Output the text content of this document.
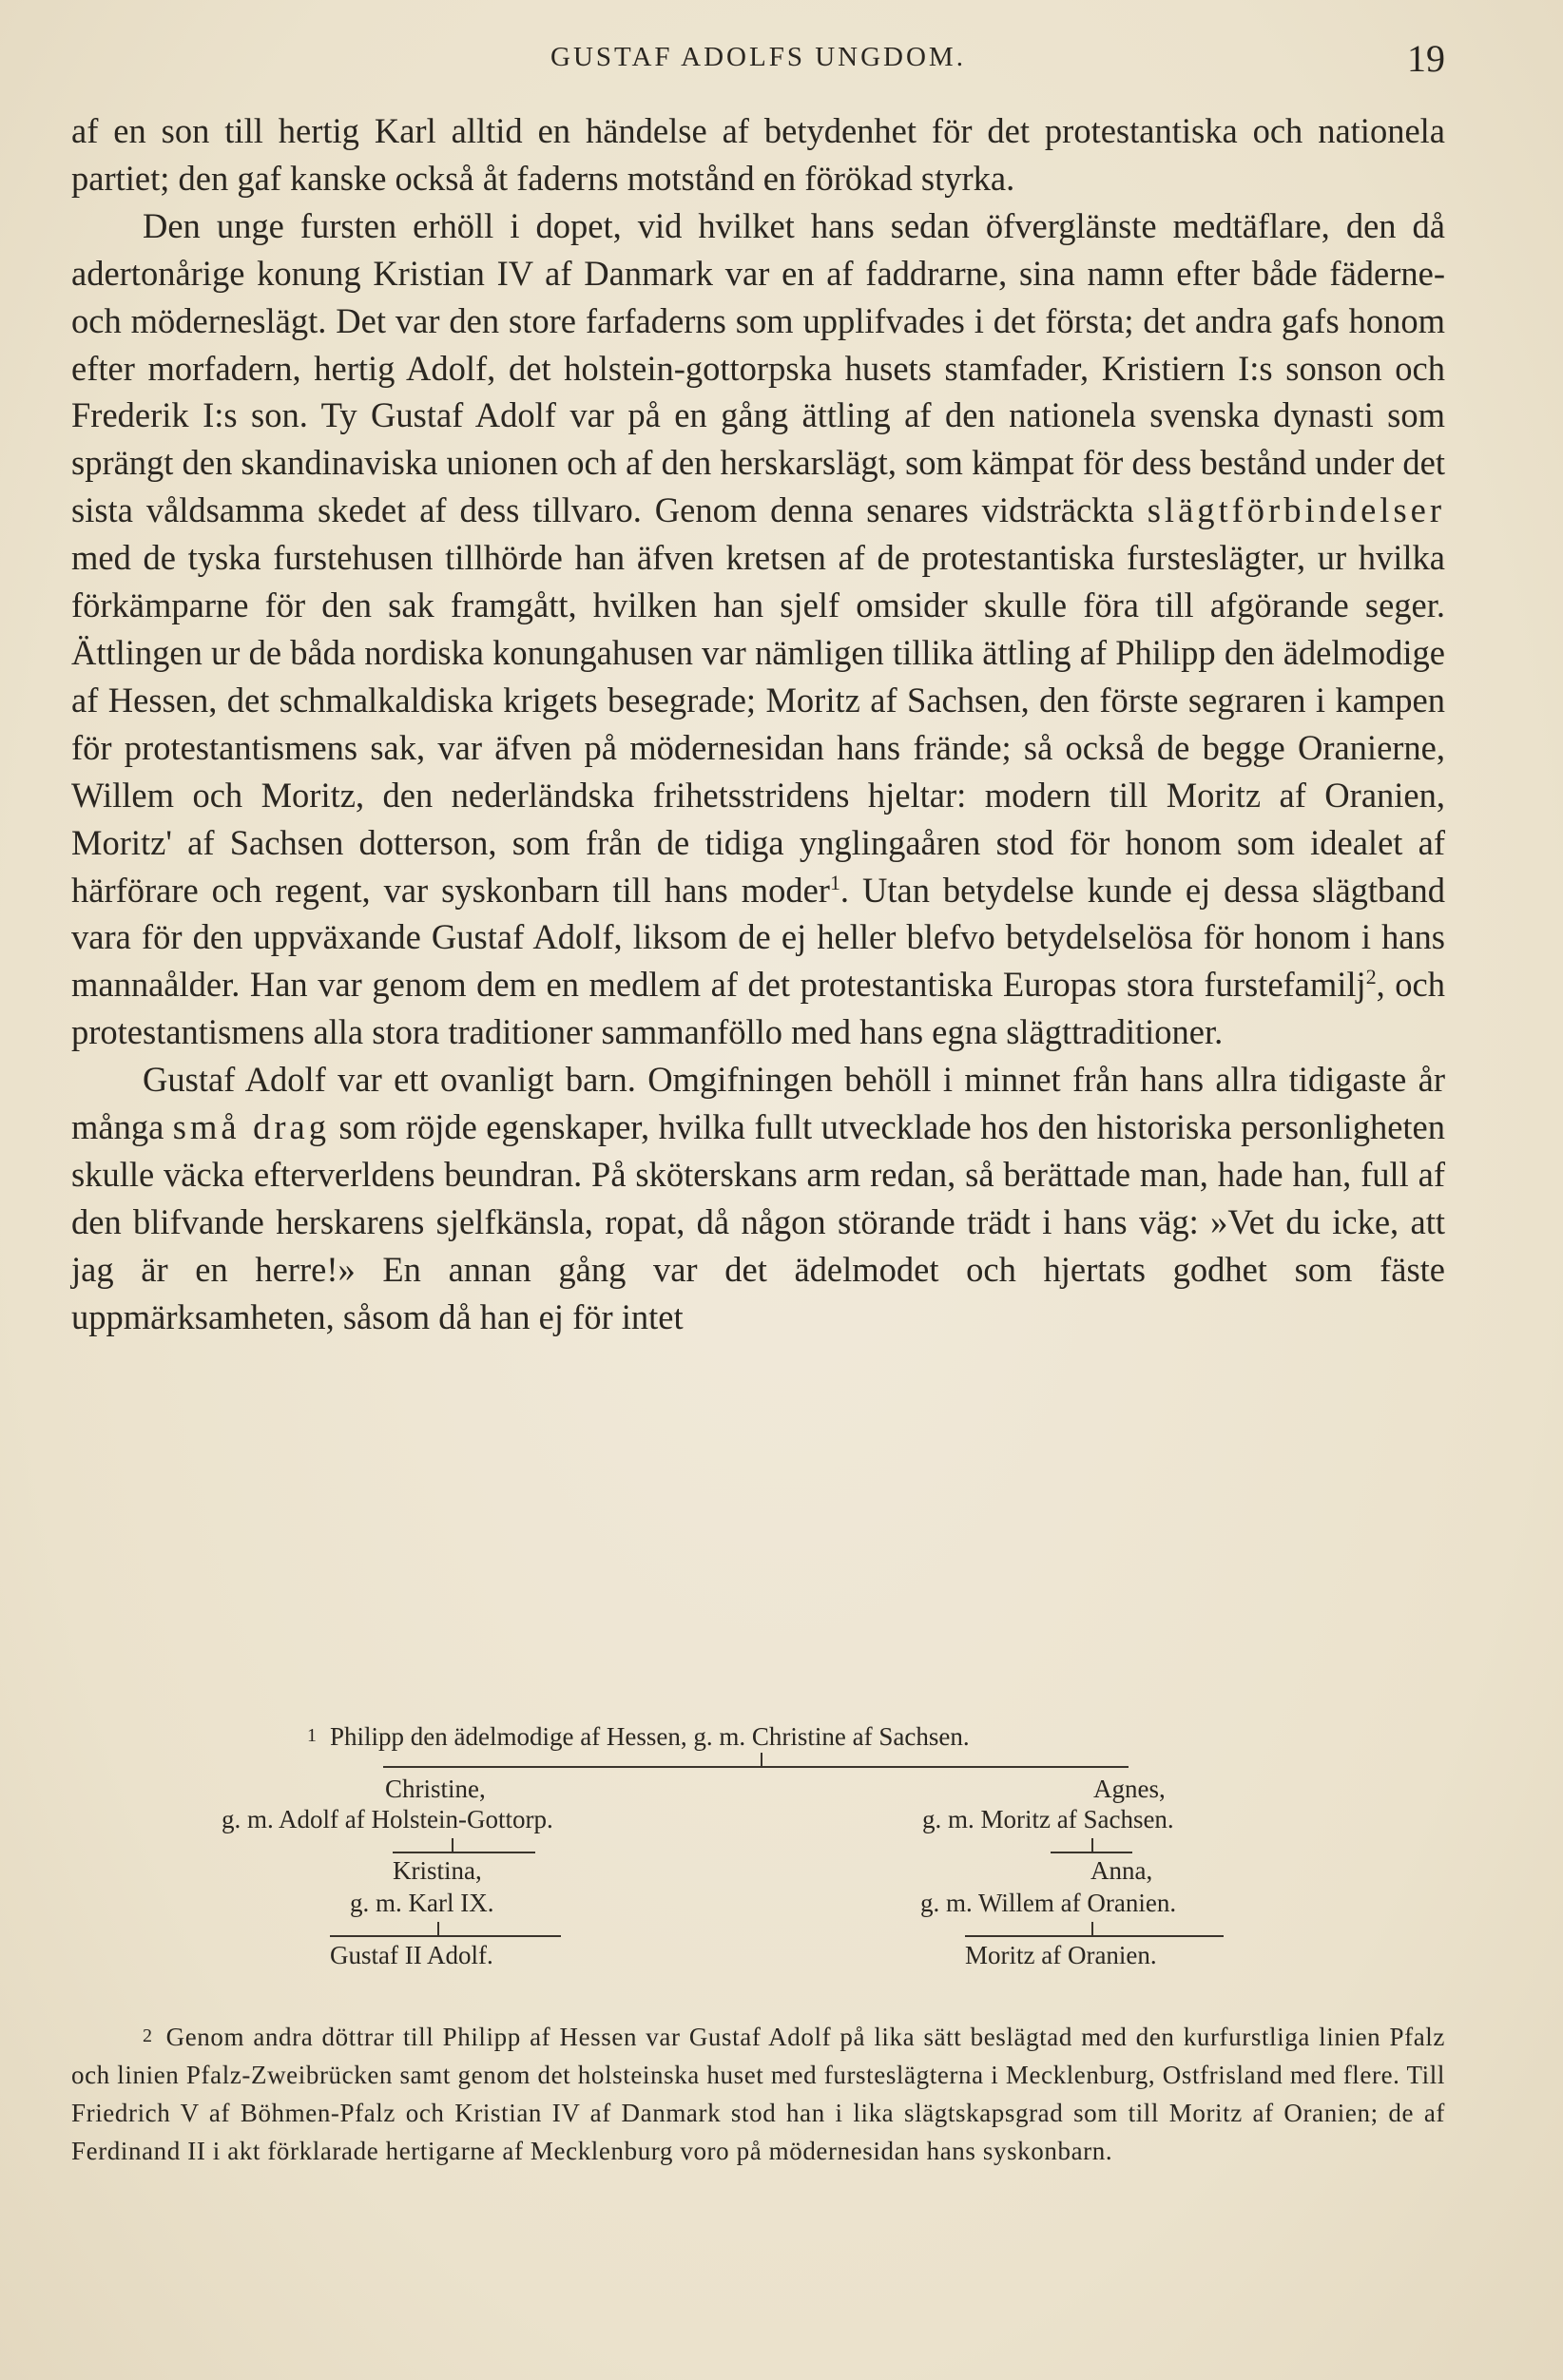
GUSTAF ADOLFS UNGDOM.	19

af en son till hertig Karl alltid en händelse af betydenhet för det protestantiska och nationela partiet; den gaf kanske också åt faderns motstånd en förökad styrka.

Den unge fursten erhöll i dopet, vid hvilket hans sedan öfverglänste medtäflare, den då adertonårige konung Kristian IV af Danmark var en af faddrarne, sina namn efter både fäderne- och möderneslägt. Det var den store farfaderns som upplifvades i det första; det andra gafs honom efter morfadern, hertig Adolf, det holstein-gottorpska husets stamfader, Kristiern I:s sonson och Frederik I:s son. Ty Gustaf Adolf var på en gång ättling af den nationela svenska dynasti som sprängt den skandinaviska unionen och af den herskarslägt, som kämpat för dess bestånd under det sista våldsamma skedet af dess tillvaro. Genom denna senares vidsträckta slägtförbindelser med de tyska furstehusen tillhörde han äfven kretsen af de protestantiska fursteslägter, ur hvilka förkämparne för den sak framgått, hvilken han sjelf omsider skulle föra till afgörande seger. Ättlingen ur de båda nordiska konungahusen var nämligen tillika ättling af Philipp den ädelmodige af Hessen, det schmalkaldiska krigets besegrade; Moritz af Sachsen, den förste segraren i kampen för protestantismens sak, var äfven på mödernesidan hans frände; så också de begge Oranierne, Willem och Moritz, den nederländska frihetsstridens hjeltar: modern till Moritz af Oranien, Moritz' af Sachsen dotterson, som från de tidiga ynglingaåren stod för honom som idealet af härförare och regent, var syskonbarn till hans moder$^1$. Utan betydelse kunde ej dessa slägtband vara för den uppväxande Gustaf Adolf, liksom de ej heller blefvo betydelselösa för honom i hans mannaålder. Han var genom dem en medlem af det protestantiska Europas stora furstefamilj$^2$, och protestantismens alla stora traditioner sammanföllo med hans egna slägttraditioner.

Gustaf Adolf var ett ovanligt barn. Omgifningen behöll i minnet från hans allra tidigaste år många små drag som röjde egenskaper, hvilka fullt utvecklade hos den historiska personligheten skulle väcka efterverldens beundran. På sköterskans arm redan, så berättade man, hade han, full af den blifvande herskarens sjelfkänsla, ropat, då någon störande trädt i hans väg: »Vet du icke, att jag är en herre!» En annan gång var det ädelmodet och hjertats godhet som fäste uppmärksamheten, såsom då han ej för intet

1 Philipp den ädelmodige af Hessen, g. m. Christine af Sachsen.
Christine,
g. m. Adolf af Holstein-Gottorp.
Kristina,
g. m. Karl IX.
Gustaf II Adolf.
Agnes,
g. m. Moritz af Sachsen.
Anna,
g. m. Willem af Oranien.
Moritz af Oranien.

2 Genom andra döttrar till Philipp af Hessen var Gustaf Adolf på lika sätt beslägtad med den kurfurstliga linien Pfalz och linien Pfalz-Zweibrücken samt genom det holsteinska huset med fursteslägterna i Mecklenburg, Ostfrisland med flere. Till Friedrich V af Böhmen-Pfalz och Kristian IV af Danmark stod han i lika slägtskapsgrad som till Moritz af Oranien; de af Ferdinand II i akt förklarade hertigarne af Mecklenburg voro på mödernesidan hans syskonbarn.
